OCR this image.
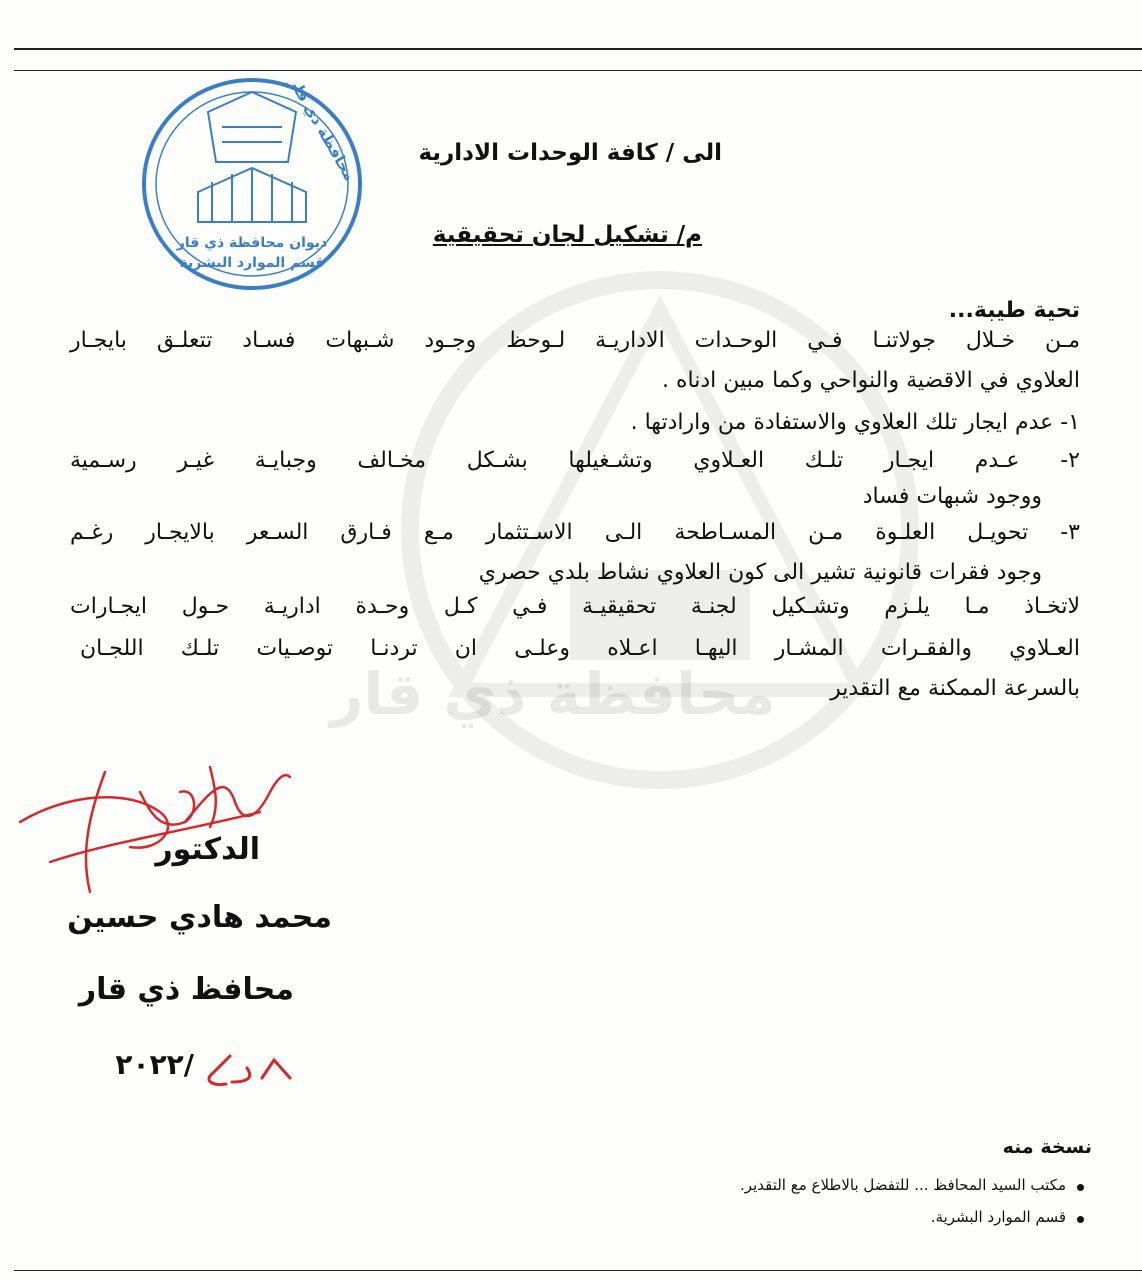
محافظة ذي قار
ديوان محافظة ذي قار
قسم الموارد البشرية
محافظة ذي قار	الى / كافة الوحدات الادارية
م/ تشكيل لجان تحقيقية
تحية طيبة...
مـن خـلال جولاتنـا فـي الوحـدات الاداريـة لـوحظ وجـود شـبهات فسـاد تتعلـق بايجـار
العلاوي في الاقضية والنواحي وكما مبين ادناه .
١- عدم ايجار تلك العلاوي والاستفادة من وارادتها .
٢- عـدم ايجـار تلـك العـلاوي وتشـغيلها بشـكل مخـالف وجبايـة غيـر رسـمية
ووجود شبهات فساد
٣- تحويـل العلـوة مـن المسـاطحة الـى الاسـتثمار مـع فـارق السـعر بالايجـار رغـم
وجود فقرات قانونية تشير الى كون العلاوي نشاط بلدي حصري
لاتخـاذ مـا يلـزم وتشـكيل لجنـة تحقيقيـة فـي كـل وحـدة اداريـة حـول ايجـارات
العـلاوي والفقـرات المشـار اليهـا اعـلاه وعلـى ان تردنـا توصـيات تلـك اللجـان
بالسرعة الممكنة مع التقدير
الدكتور
محمد هادي حسين
محافظ ذي قار
/٢٠٢٢
نسخة منه
مكتب السيد المحافظ ... للتفضل بالاطلاع مع التقدير.
قسم الموارد البشرية.
